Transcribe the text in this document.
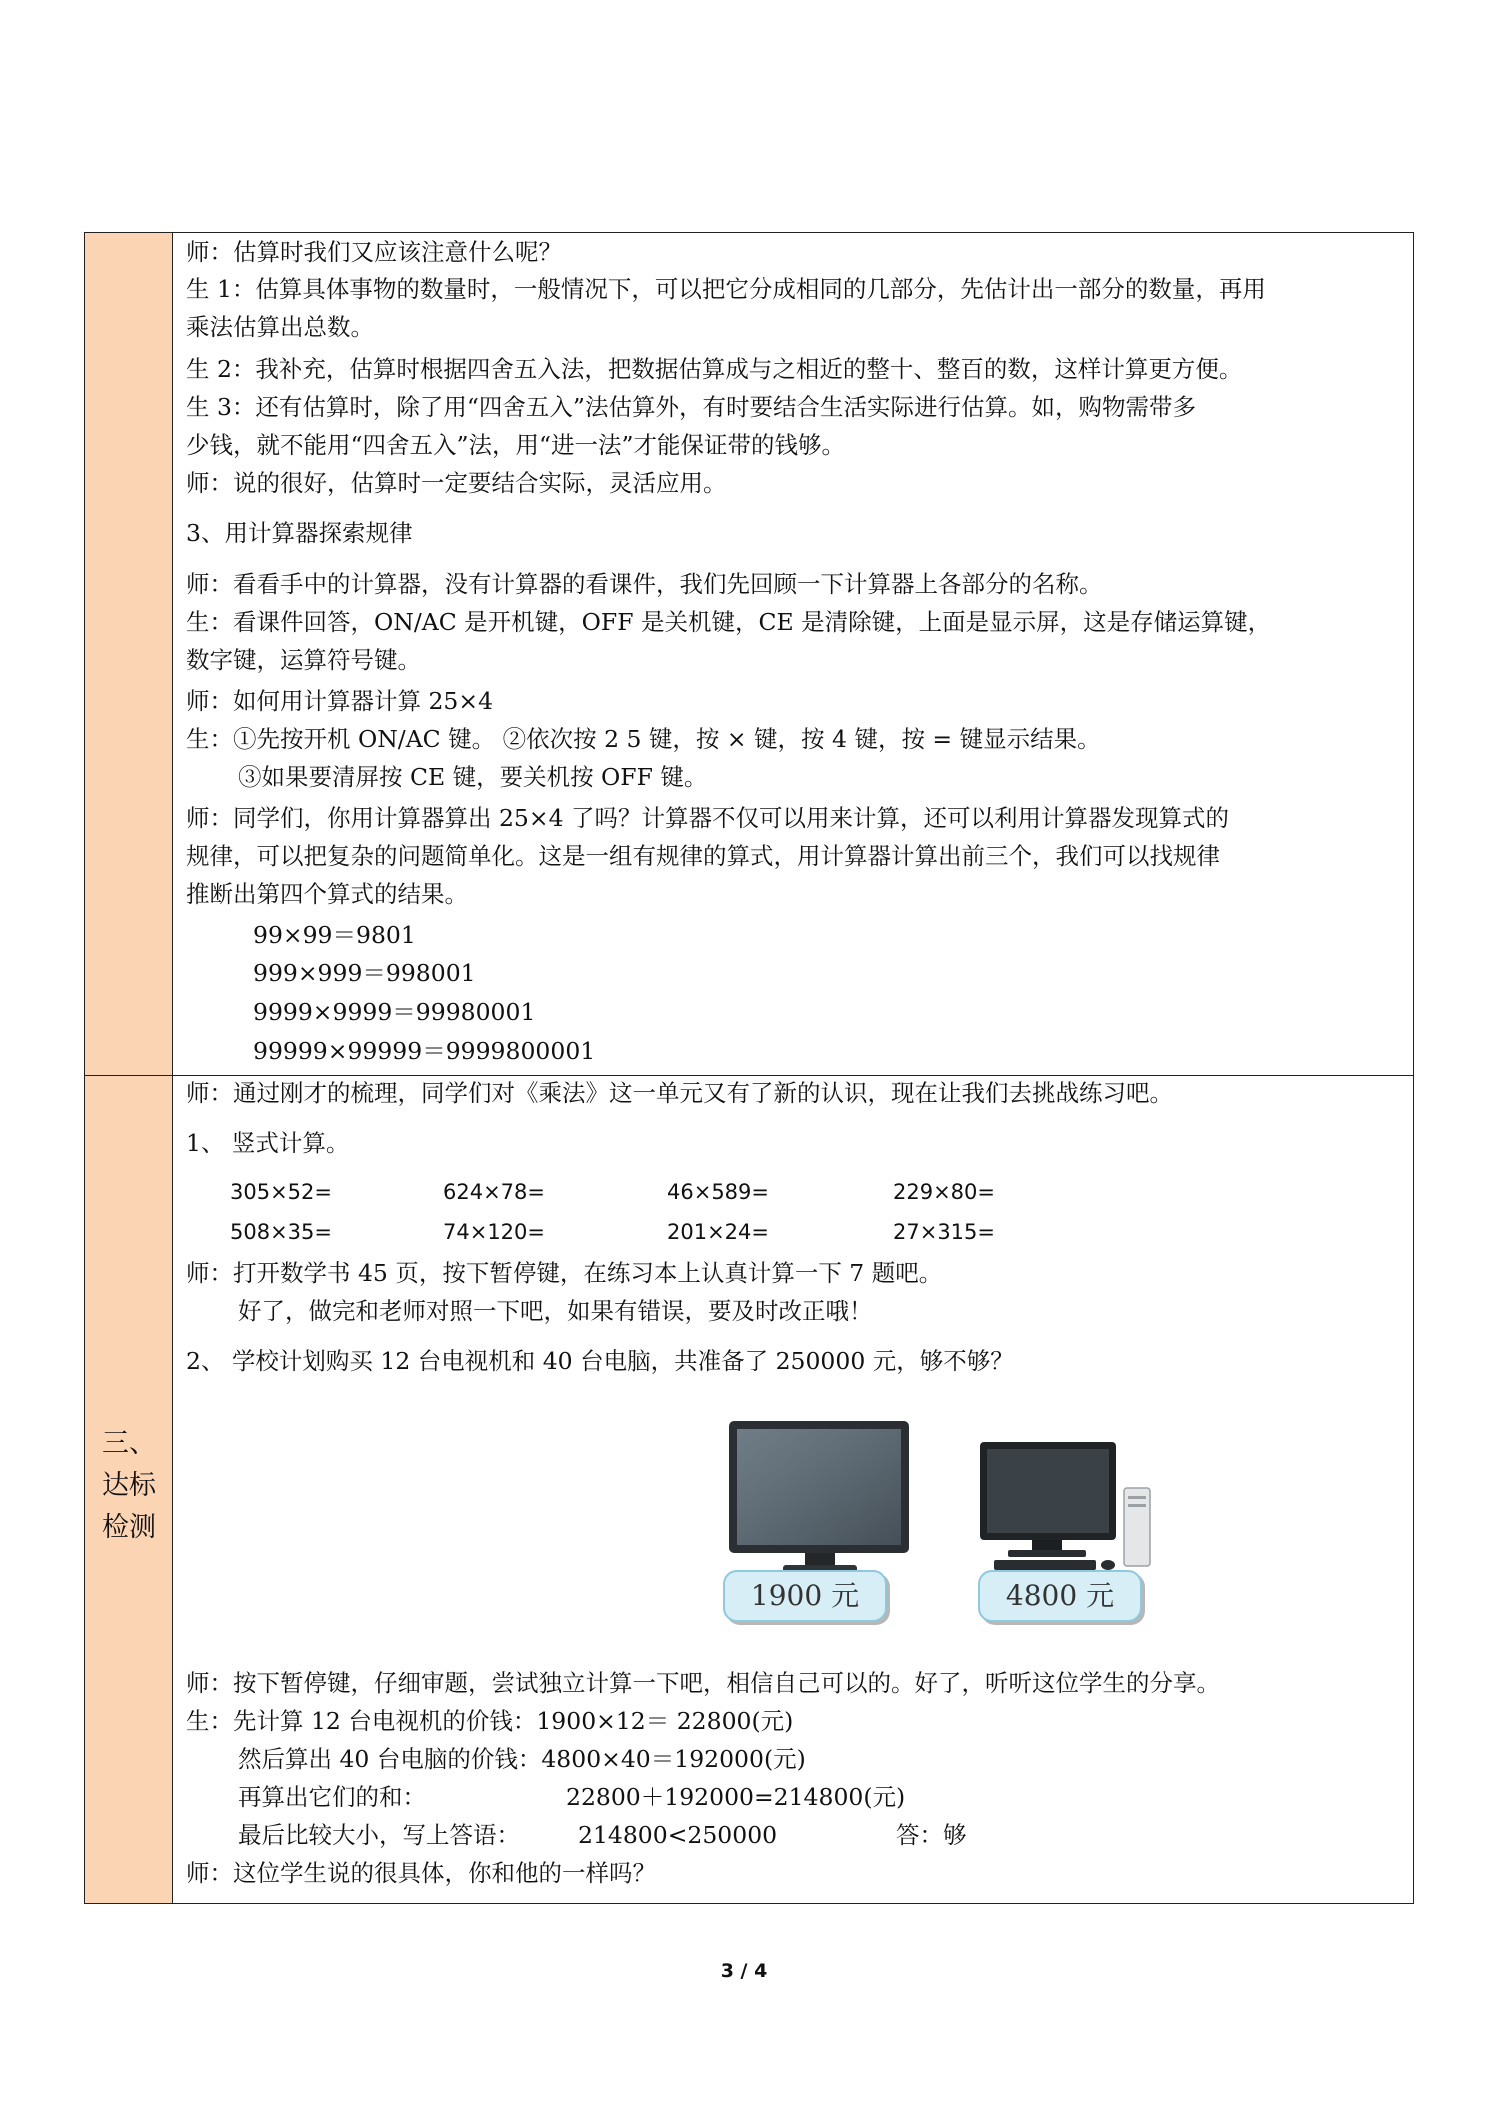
三、
达标
检测
师：估算时我们又应该注意什么呢？
生 1：估算具体事物的数量时，一般情况下，可以把它分成相同的几部分，先估计出一部分的数量，再用
乘法估算出总数。
生 2：我补充，估算时根据四舍五入法，把数据估算成与之相近的整十、整百的数，这样计算更方便。
生 3：还有估算时，除了用“四舍五入”法估算外，有时要结合生活实际进行估算。如，购物需带多
少钱，就不能用“四舍五入”法，用“进一法”才能保证带的钱够。
师：说的很好，估算时一定要结合实际，灵活应用。
3、用计算器探索规律
师：看看手中的计算器，没有计算器的看课件，我们先回顾一下计算器上各部分的名称。
生：看课件回答，ON/AC 是开机键，OFF 是关机键，CE 是清除键，上面是显示屏，这是存储运算键，
数字键，运算符号键。
师：如何用计算器计算 25×4
生：①先按开机 ON/AC 键。 ②依次按 2 5 键，按 × 键，按 4 键，按 = 键显示结果。
③如果要清屏按 CE 键，要关机按 OFF 键。
师：同学们，你用计算器算出 25×4 了吗？计算器不仅可以用来计算，还可以利用计算器发现算式的
规律，可以把复杂的问题简单化。这是一组有规律的算式，用计算器计算出前三个，我们可以找规律
推断出第四个算式的结果。
99×99＝9801
999×999＝998001
9999×9999＝99980001
99999×99999＝9999800001
师：通过刚才的梳理，同学们对《乘法》这一单元又有了新的认识，现在让我们去挑战练习吧。
1、 竖式计算。
305×52=	624×78=	46×589=	229×80=
508×35=	74×120=	201×24=	27×315=
师：打开数学书 45 页，按下暂停键，在练习本上认真计算一下 7 题吧。
好了，做完和老师对照一下吧，如果有错误，要及时改正哦！
2、 学校计划购买 12 台电视机和 40 台电脑，共准备了 250000 元，够不够？
1900 元	4800 元
师：按下暂停键，仔细审题，尝试独立计算一下吧，相信自己可以的。好了，听听这位学生的分享。
生：先计算 12 台电视机的价钱：1900×12＝ 22800(元)
然后算出 40 台电脑的价钱：4800×40＝192000(元)
再算出它们的和：	22800＋192000=214800(元)
最后比较大小，写上答语： 214800<250000	答：够
师：这位学生说的很具体，你和他的一样吗？
3 / 4
